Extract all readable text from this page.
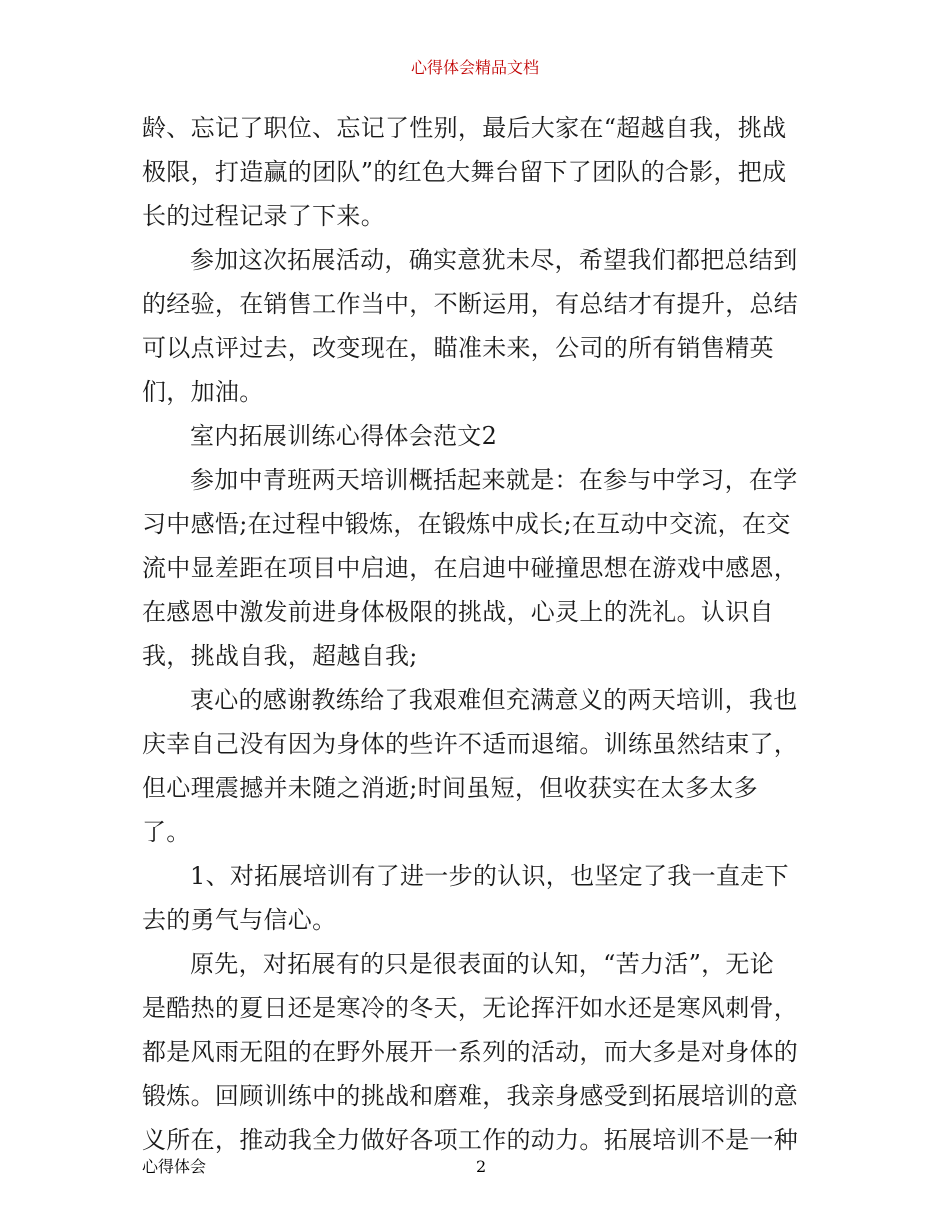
心得体会精品文档
龄、忘记了职位、忘记了性别，最后大家在“超越自我，挑战
极限，打造赢的团队”的红色大舞台留下了团队的合影，把成
长的过程记录了下来。
参加这次拓展活动，确实意犹未尽，希望我们都把总结到
的经验，在销售工作当中，不断运用，有总结才有提升，总结
可以点评过去，改变现在，瞄准未来，公司的所有销售精英
们，加油。
室内拓展训练心得体会范文2
参加中青班两天培训概括起来就是：在参与中学习，在学
习中感悟;在过程中锻炼，在锻炼中成长;在互动中交流，在交
流中显差距在项目中启迪，在启迪中碰撞思想在游戏中感恩，
在感恩中激发前进身体极限的挑战，心灵上的洗礼。认识自
我，挑战自我，超越自我;
衷心的感谢教练给了我艰难但充满意义的两天培训，我也
庆幸自己没有因为身体的些许不适而退缩。训练虽然结束了，
但心理震撼并未随之消逝;时间虽短，但收获实在太多太多
了。
1、对拓展培训有了进一步的认识，也坚定了我一直走下
去的勇气与信心。
原先，对拓展有的只是很表面的认知，“苦力活”，无论
是酷热的夏日还是寒冷的冬天，无论挥汗如水还是寒风刺骨，
都是风雨无阻的在野外展开一系列的活动，而大多是对身体的
锻炼。回顾训练中的挑战和磨难，我亲身感受到拓展培训的意
义所在，推动我全力做好各项工作的动力。拓展培训不是一种
心得体会	2
